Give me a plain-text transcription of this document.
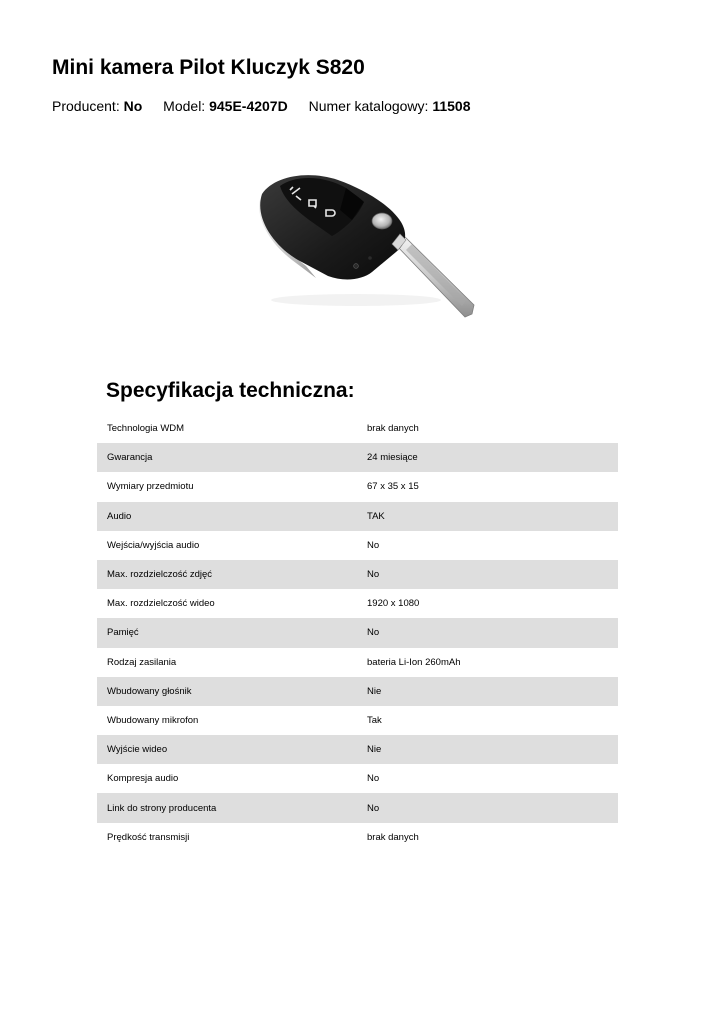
Mini kamera Pilot Kluczyk S820
Producent: No Model: 945E-4207D Numer katalogowy: 11508
Specyfikacja techniczna:
Technologia WDM	brak danych
Gwarancja	24 miesiące
Wymiary przedmiotu	67 x 35 x 15
Audio	TAK
Wejścia/wyjścia audio	No
Max. rozdzielczość zdjęć	No
Max. rozdzielczość wideo	1920 x 1080
Pamięć	No
Rodzaj zasilania	bateria Li-Ion 260mAh
Wbudowany głośnik	Nie
Wbudowany mikrofon	Tak
Wyjście wideo	Nie
Kompresja audio	No
Link do strony producenta	No
Prędkość transmisji	brak danych
